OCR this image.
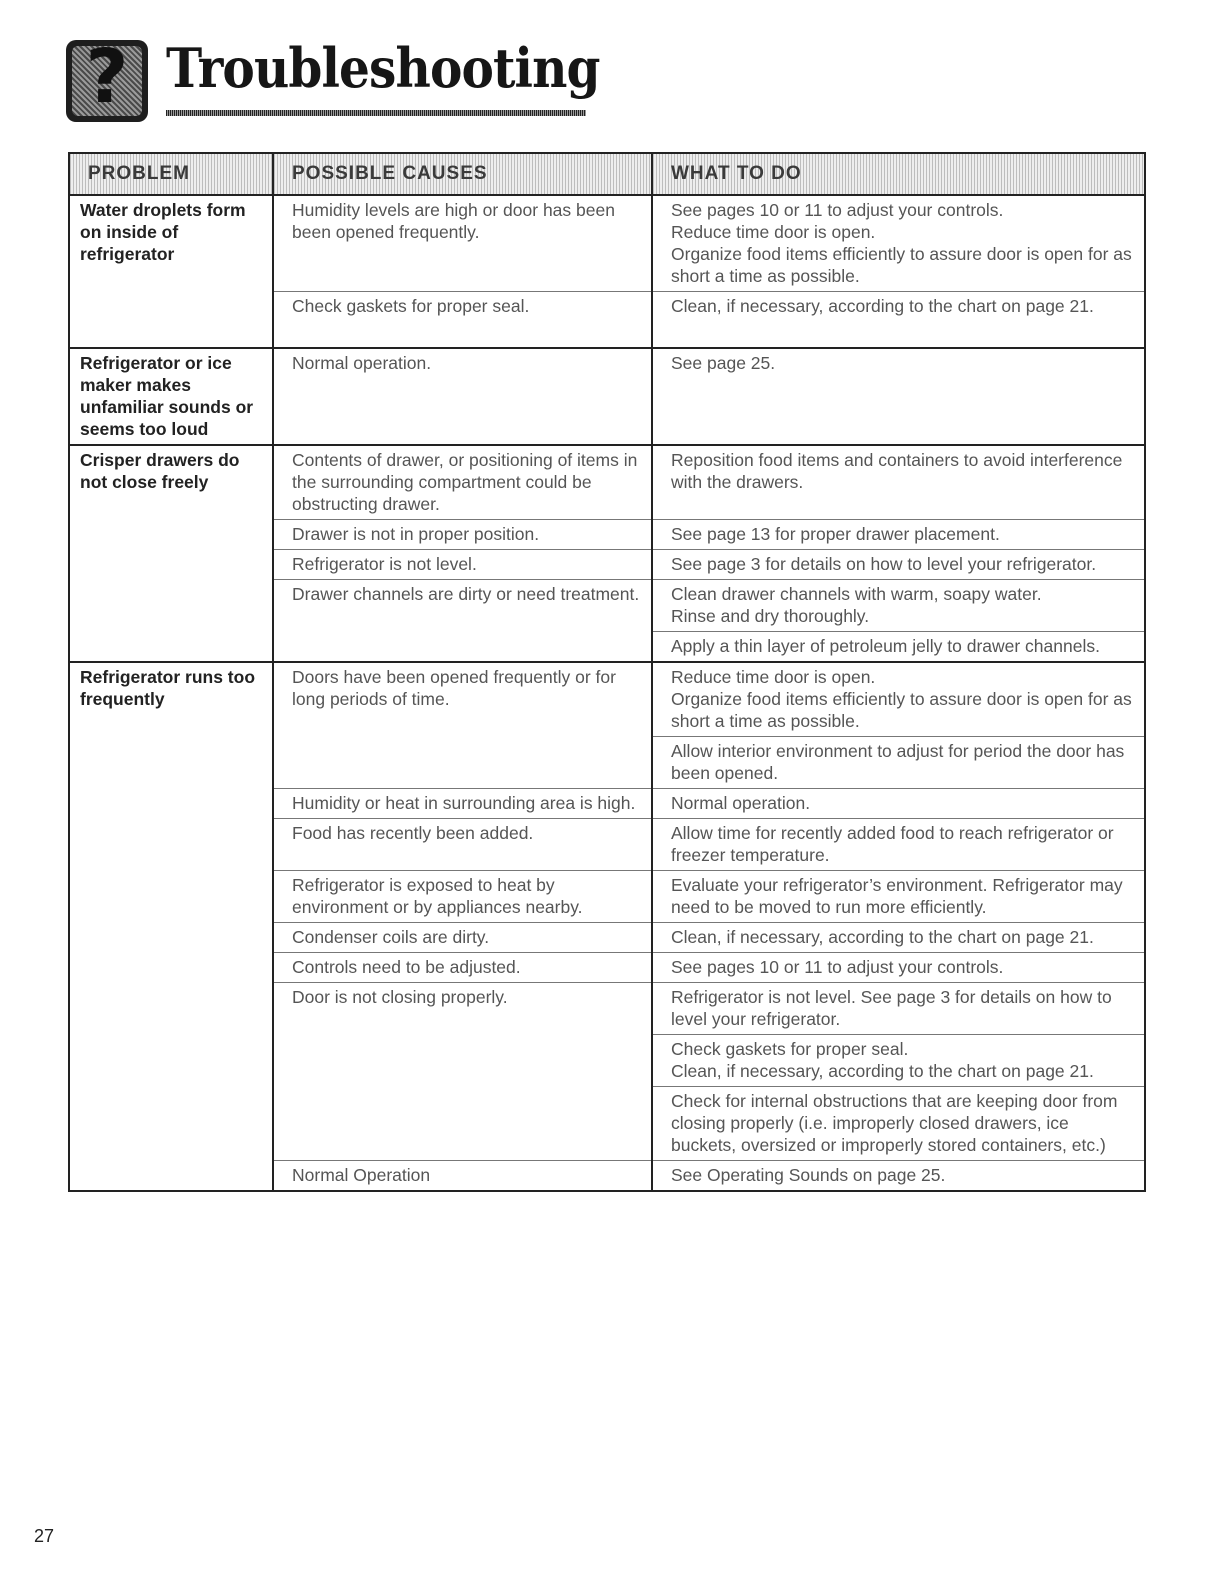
? Troubleshooting
PROBLEM	POSSIBLE CAUSES	WHAT TO DO
Water droplets form on inside of refrigerator	Humidity levels are high or door has been been opened frequently.	See pages 10 or 11 to adjust your controls.
Reduce time door is open.
Organize food items efficiently to assure door is open for as short a time as possible.

	Check gaskets for proper seal.	Clean, if necessary, according to the chart on page 21.

Refrigerator or ice maker makes unfamiliar sounds or seems too loud	Normal operation.	See page 25.

Crisper drawers do not close freely	Contents of drawer, or positioning of items in the surrounding compartment could be obstructing drawer.	Reposition food items and containers to avoid interference with the drawers.

	Drawer is not in proper position.	See page 13 for proper drawer placement.

	Refrigerator is not level.	See page 3 for details on how to level your refrigerator.

	Drawer channels are dirty or need treatment.	Clean drawer channels with warm, soapy water.
Rinse and dry thoroughly.

		Apply a thin layer of petroleum jelly to drawer channels.

Refrigerator runs too frequently	Doors have been opened frequently or for long periods of time.	Reduce time door is open.
Organize food items efficiently to assure door is open for as short a time as possible.

		Allow interior environment to adjust for period the door has been opened.

	Humidity or heat in surrounding area is high.	Normal operation.

	Food has recently been added.	Allow time for recently added food to reach refrigerator or freezer temperature.

	Refrigerator is exposed to heat by environment or by appliances nearby.	Evaluate your refrigerator’s environment. Refrigerator may need to be moved to run more efficiently.

	Condenser coils are dirty.	Clean, if necessary, according to the chart on page 21.

	Controls need to be adjusted.	See pages 10 or 11 to adjust your controls.

	Door is not closing properly.	Refrigerator is not level. See page 3 for details on how to level your refrigerator.

		Check gaskets for proper seal.
Clean, if necessary, according to the chart on page 21.

		Check for internal obstructions that are keeping door from closing properly (i.e. improperly closed drawers, ice buckets, oversized or improperly stored containers, etc.)

	Normal Operation	See Operating Sounds on page 25.
27
